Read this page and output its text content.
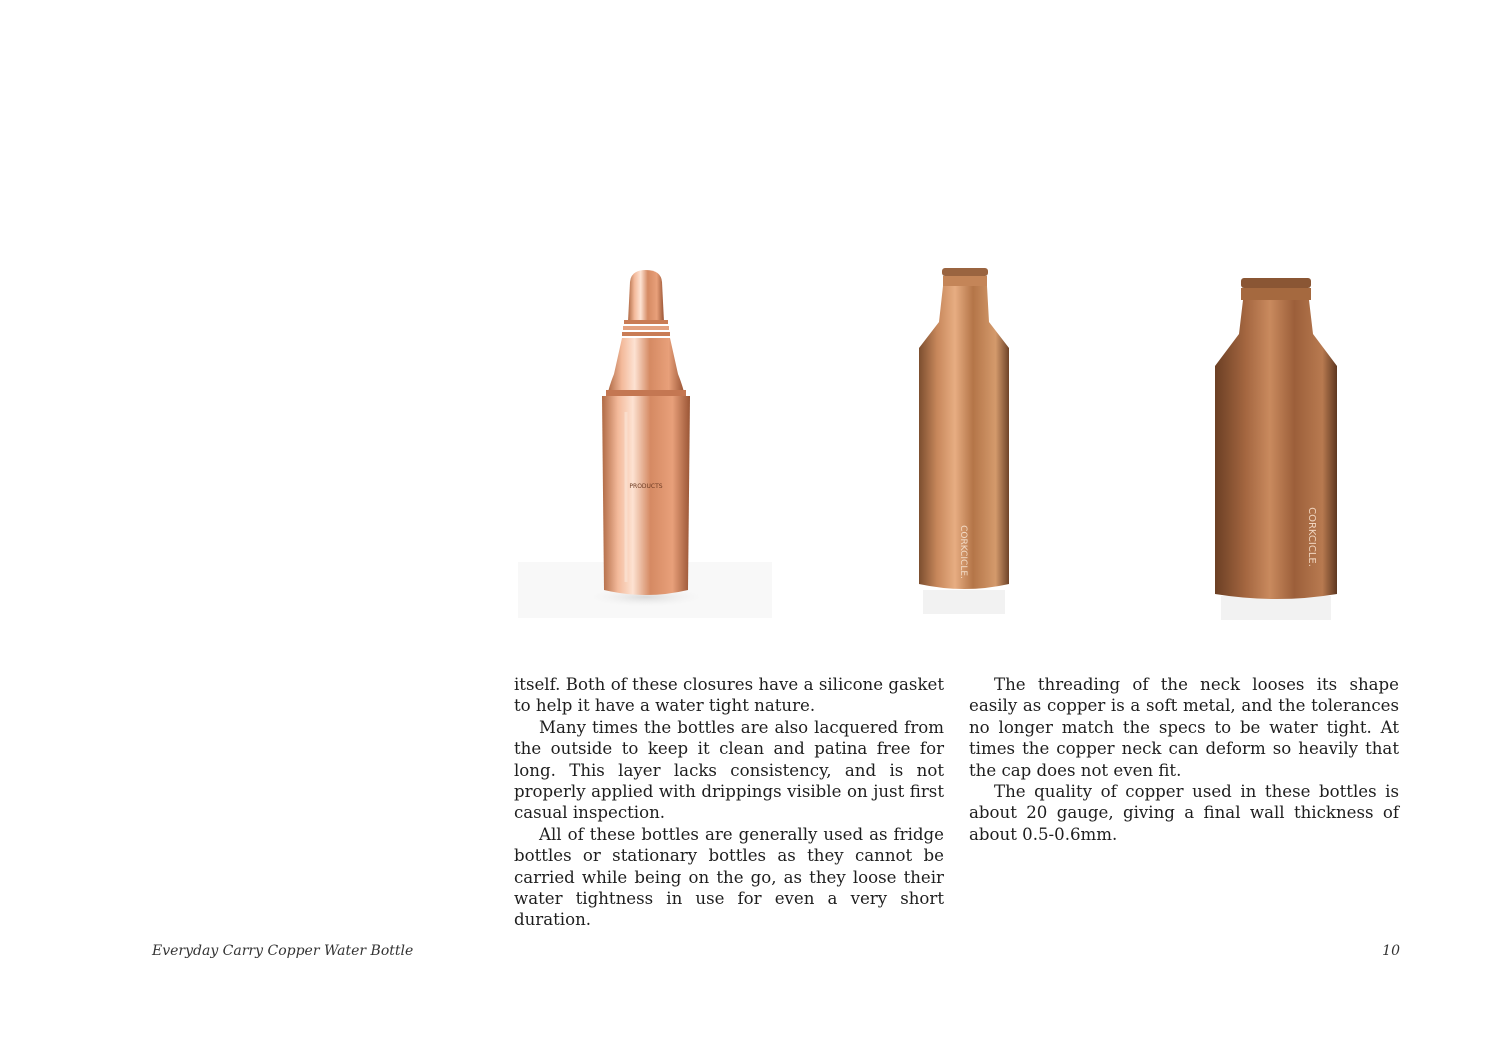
PRODUCTS
CORKCICLE.	CORKCICLE.

itself. Both of these closures have a silicone gasket to help it have a water tight nature.

Many times the bottles are also lacquered from the outside to keep it clean and patina free for long. This layer lacks consistency, and is not properly applied with drippings visible on just first casual inspection.

All of these bottles are generally used as fridge bottles or stationary bottles as they cannot be carried while being on the go, as they loose their water tightness in use for even a very short duration.

The threading of the neck looses its shape easily as copper is a soft metal, and the tolerances no longer match the specs to be water tight. At times the copper neck can deform so heavily that the cap does not even fit.

The quality of copper used in these bottles is about 20 gauge, giving a final wall thickness of about 0.5-0.6mm.

Everyday Carry Copper Water Bottle	10
